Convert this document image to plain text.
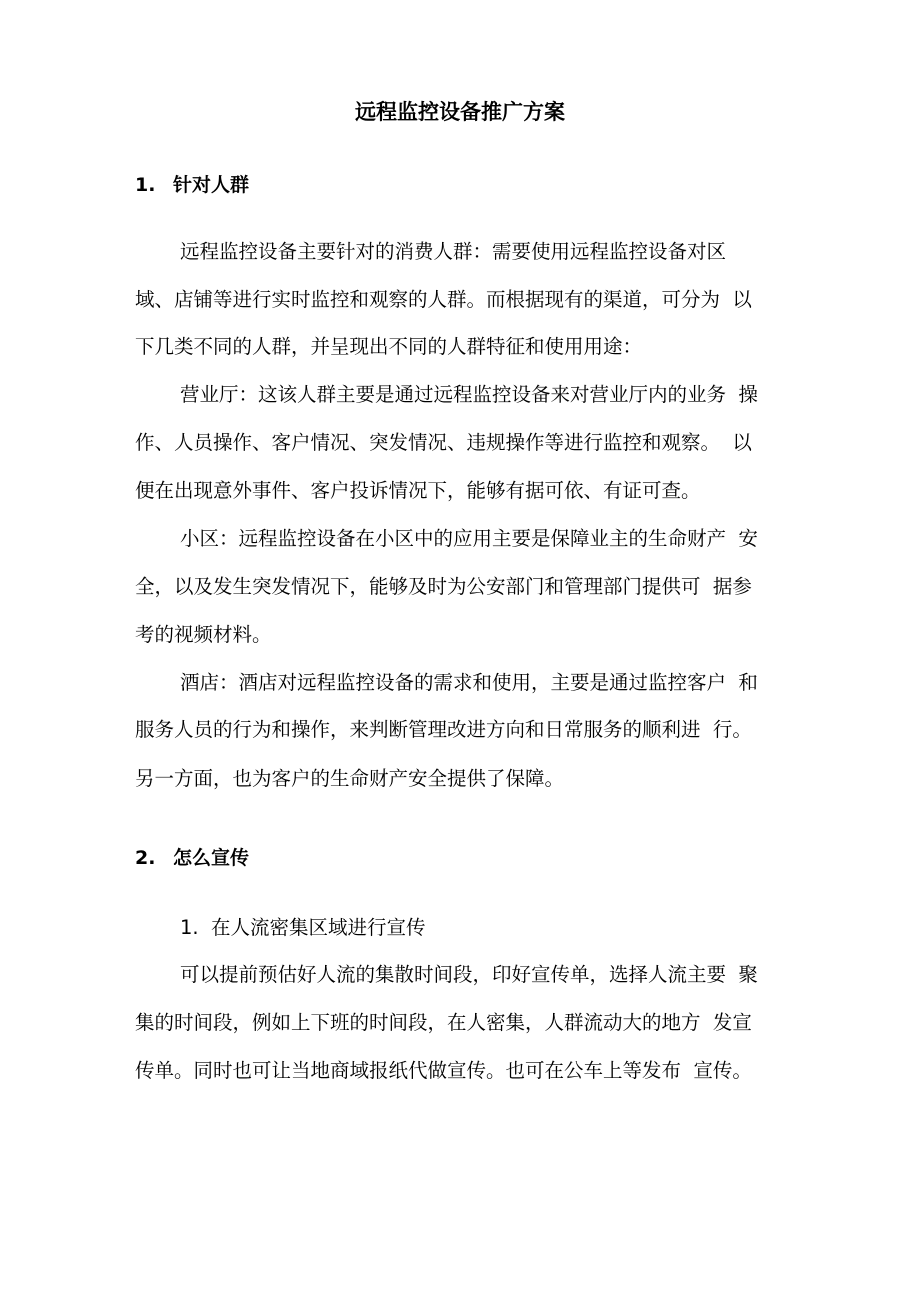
远程监控设备推广方案
1. 针对人群
远程监控设备主要针对的消费人群：需要使用远程监控设备对区
域、店铺等进行实时监控和观察的人群。而根据现有的渠道，可分为  以
下几类不同的人群，并呈现出不同的人群特征和使用用途：
营业厅：这该人群主要是通过远程监控设备来对营业厅内的业务  操
作、人员操作、客户情况、突发情况、违规操作等进行监控和观察。  以
便在出现意外事件、客户投诉情况下，能够有据可依、有证可查。
小区：远程监控设备在小区中的应用主要是保障业主的生命财产  安
全，以及发生突发情况下，能够及时为公安部门和管理部门提供可  据参
考的视频材料。
酒店：酒店对远程监控设备的需求和使用，主要是通过监控客户  和
服务人员的行为和操作，来判断管理改进方向和日常服务的顺利进  行。
另一方面，也为客户的生命财产安全提供了保障。
2. 怎么宣传
1.  在人流密集区域进行宣传
可以提前预估好人流的集散时间段，印好宣传单，选择人流主要  聚
集的时间段，例如上下班的时间段，在人密集，人群流动大的地方  发宣
传单。同时也可让当地商域报纸代做宣传。也可在公车上等发布  宣传。
